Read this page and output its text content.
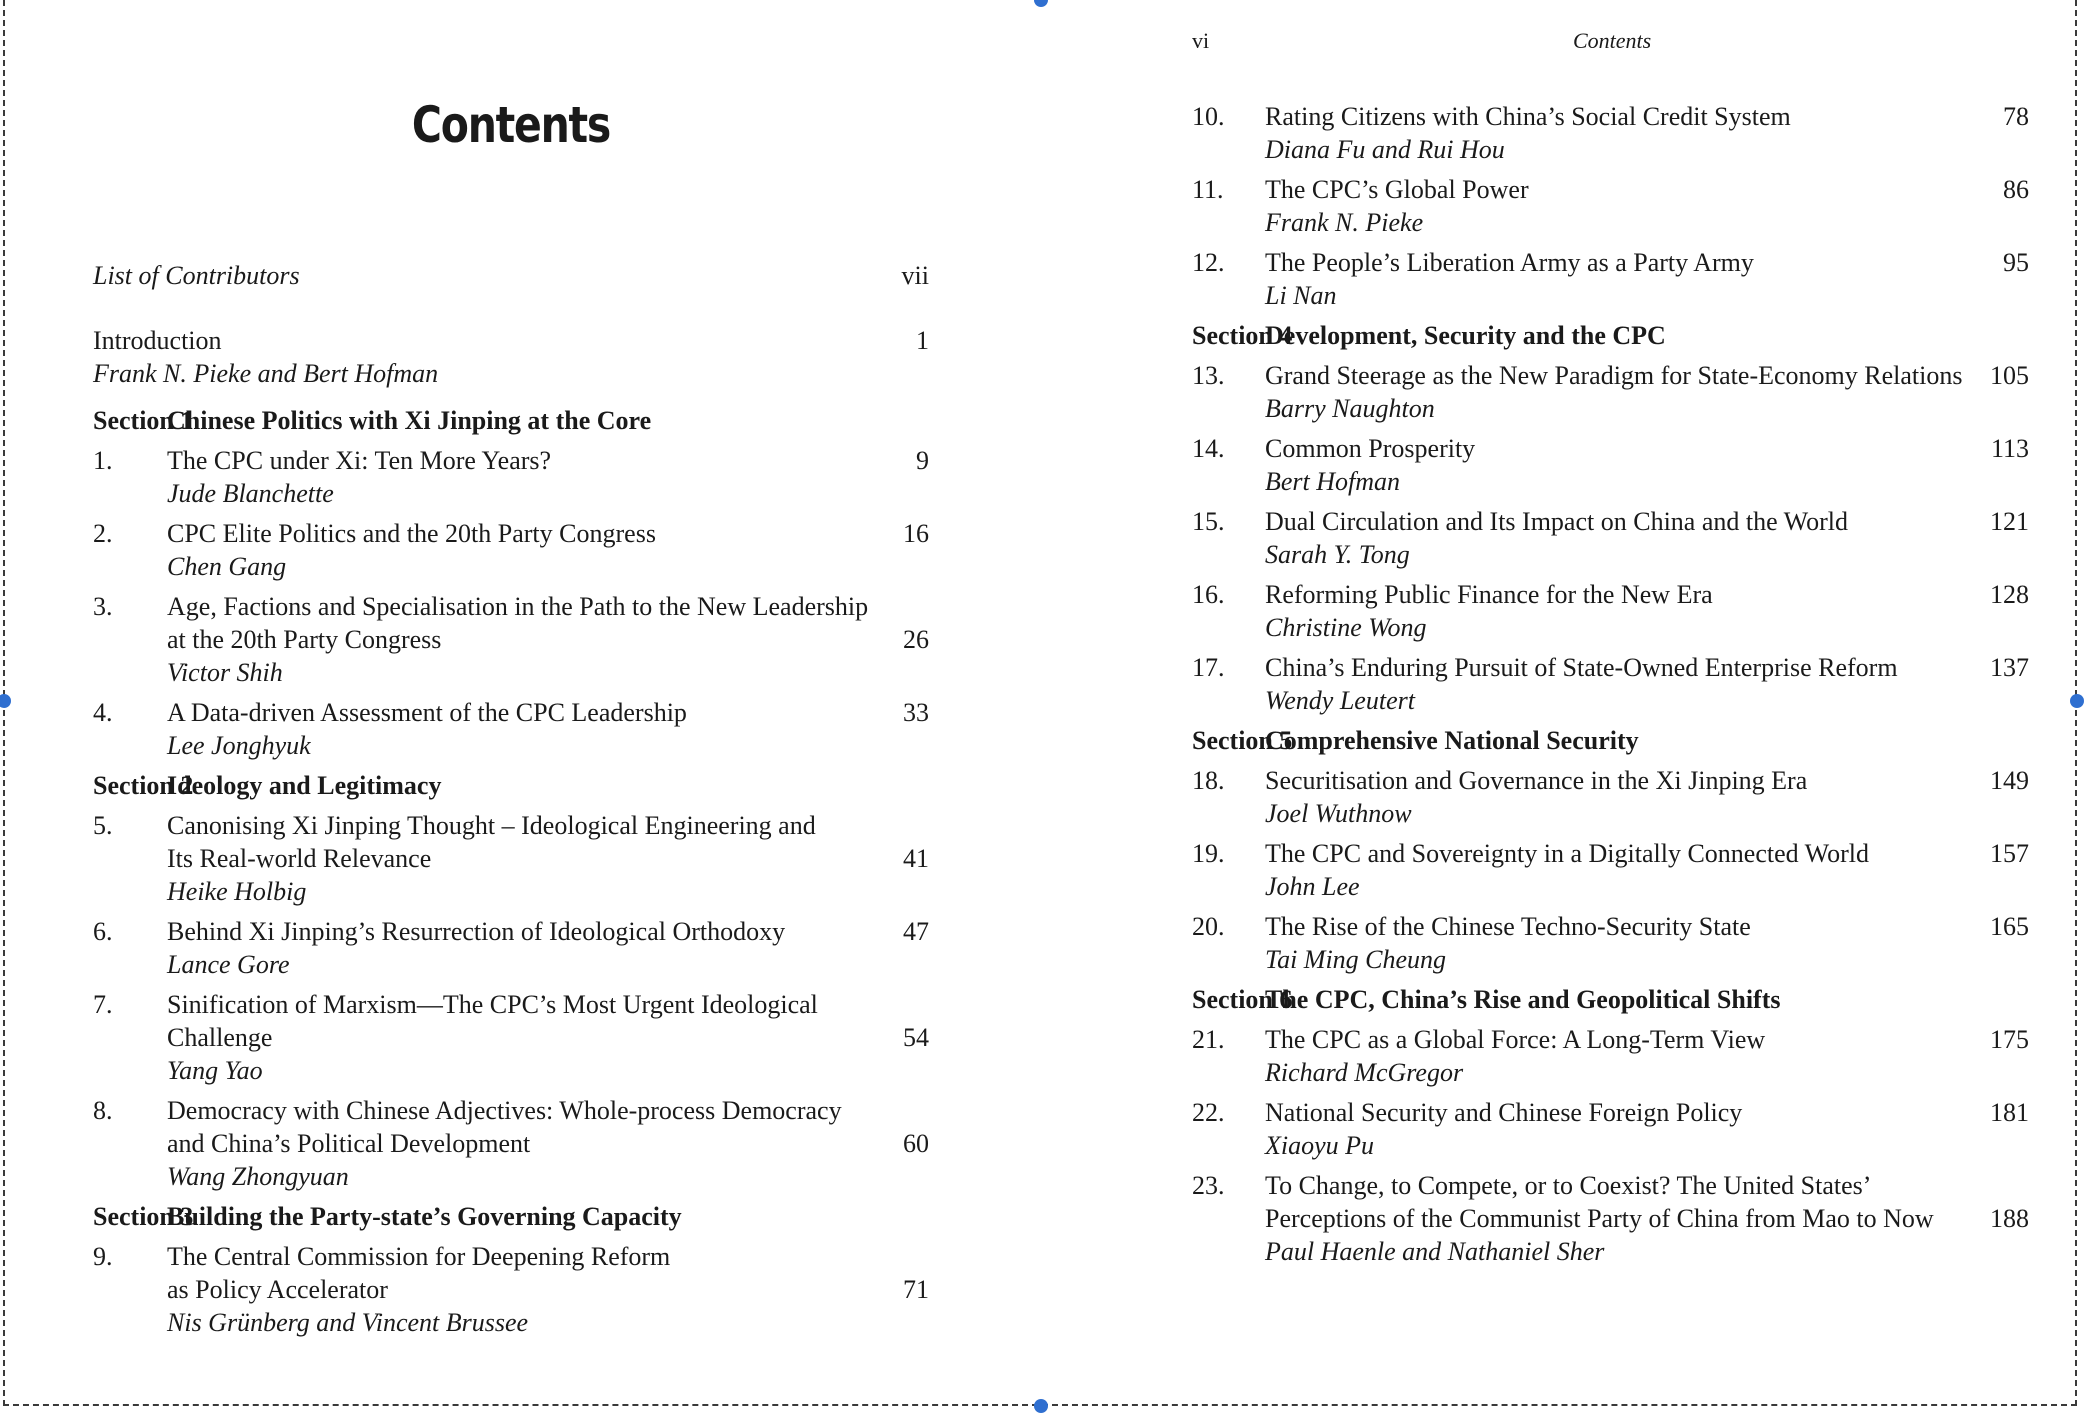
Contents
List of Contributors	vii
Introduction
Frank N. Pieke and Bert Hofman
1
Section 1
Chinese Politics with Xi Jinping at the Core
1. The CPC under Xi: Ten More Years?
Jude Blanchette
9
2. CPC Elite Politics and the 20th Party Congress
Chen Gang
16
3. Age, Factions and Specialisation in the Path to the New Leadership
at the 20th Party Congress
Victor Shih
26
4. A Data-driven Assessment of the CPC Leadership
Lee Jonghyuk
33
Section 2
Ideology and Legitimacy
5. Canonising Xi Jinping Thought – Ideological Engineering and
Its Real-world Relevance
Heike Holbig
41
6. Behind Xi Jinping’s Resurrection of Ideological Orthodoxy
Lance Gore
47
7. Sinification of Marxism—The CPC’s Most Urgent Ideological
Challenge
Yang Yao
54
8. Democracy with Chinese Adjectives: Whole-process Democracy
and China’s Political Development
Wang Zhongyuan
60
Section 3
Building the Party-state’s Governing Capacity
9. The Central Commission for Deepening Reform
as Policy Accelerator
Nis Grünberg and Vincent Brussee
71
vi	Contents
10. Rating Citizens with China’s Social Credit System
Diana Fu and Rui Hou
78
11. The CPC’s Global Power
Frank N. Pieke
86
12. The People’s Liberation Army as a Party Army
Li Nan
95
Section 4
Development, Security and the CPC
13. Grand Steerage as the New Paradigm for State-Economy Relations
Barry Naughton
105
14. Common Prosperity
Bert Hofman
113
15. Dual Circulation and Its Impact on China and the World
Sarah Y. Tong
121
16. Reforming Public Finance for the New Era
Christine Wong
128
17. China’s Enduring Pursuit of State-Owned Enterprise Reform
Wendy Leutert
137
Section 5
Comprehensive National Security
18. Securitisation and Governance in the Xi Jinping Era
Joel Wuthnow
149
19. The CPC and Sovereignty in a Digitally Connected World
John Lee
157
20. The Rise of the Chinese Techno-Security State
Tai Ming Cheung
165
Section 6
The CPC, China’s Rise and Geopolitical Shifts
21. The CPC as a Global Force: A Long-Term View
Richard McGregor
175
22. National Security and Chinese Foreign Policy
Xiaoyu Pu
181
23. To Change, to Compete, or to Coexist? The United States’
Perceptions of the Communist Party of China from Mao to Now
Paul Haenle and Nathaniel Sher
188
